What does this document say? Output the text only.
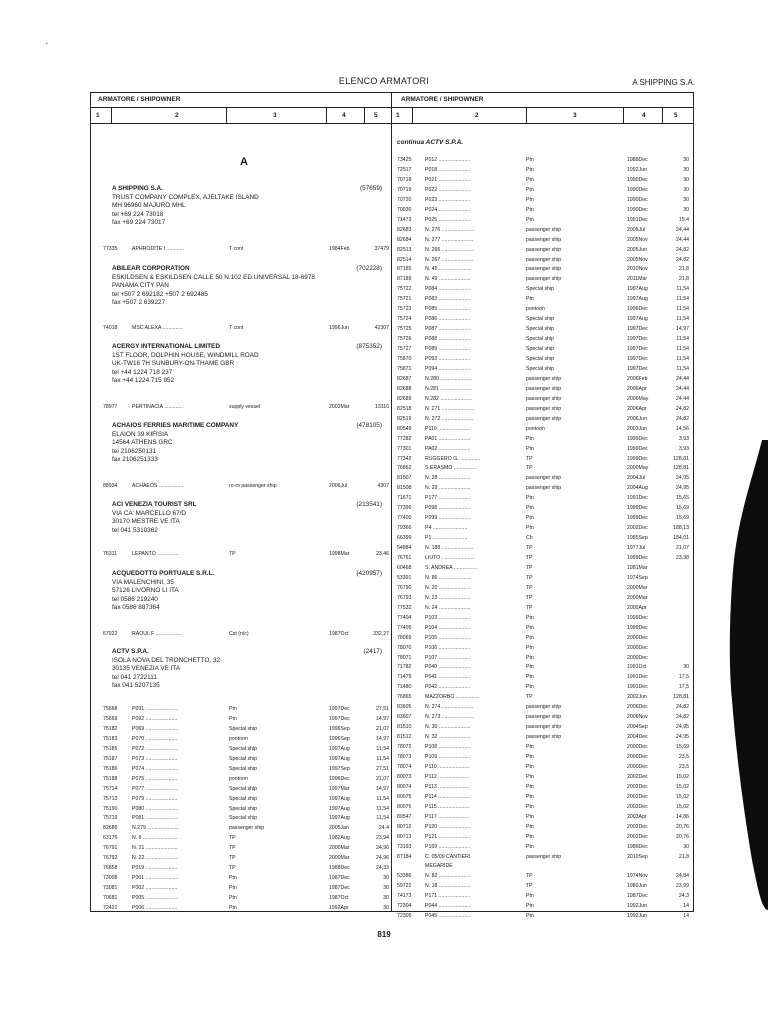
ELENCO ARMATORI	A SHIPPING S.A.
ARMATORE / SHIPOWNER	ARMATORE / SHIPOWNER
1	2	3	4	5	1	2	3	4	5
A
continua ACTV S.P.A.
A SHIPPING S.A.	(57659)
TRUST COMPANY COMPLEX, AJELTAKE ISLAND
MH 96960 MAJURO MHL
tel +69 224 73018
fax +69 224 73017
ABILEAR CORPORATION	(702228)
ESKILDSEN & ESKILDSEN CALLE 50 N.102 ED.UNIVERSAL 18-6978
PANAMA CITY PAN
tel +507 2 692182 +507 2 692485
fax +507 2 639227
ACERGY INTERNATIONAL LIMITED	(875352)
1ST FLOOR, DOLPHIN HOUSE, WINDMILL ROAD
UK-TW16 7H SUNBURY-ON-THAME GBR
tel +44 1224 718 237
fax +44 1224 715 952
ACHAIOS FERRIES MARITIME COMPANY	(478105)
ELAION 39 KIFISIA
14564 ATHENS GRC
tel 2106250131
fax 2106251333
ACI VENEZIA TOURIST SRL	(213541)
VIA CA' MARCELLO 67/D
30170 MESTRE VE ITA
tel 041 5310362
ACQUEDOTTO PORTUALE S.R.L.	(420957)
VIA MALENCHINI, 35
57126 LIVORNO LI ITA
tel 0586 219240
fax 0586 887364
ACTV S.P.A.	(2417)
ISOLA NOVA DEL TRONCHETTO, 32
30135 VENEZIA VE ITA
tel 041 2722111
fax 041 5207135
77335	APHRODITE I ............	T cont	1984Feb	37479
74018	MSC ALEXA ..............	T cont	1996Jun	42307
78977	PERTINACIA .............	supply vessel	2002Mar	13116
88934	ACHAEOS .................	ro-ro passenger ship	2006Jul	4307
76311	LEPANTO ...............	TP	1998Mar	23,46
67922	RAOUL F ..................	Cst (n/c)	1987Oct	332,27
75668	P091 ......................	Ptn	1997Dec	27,51
75669	P092 ......................	Ptn	1997Dec	14,97
75182	P069 ......................	Special ship	1996Sep	21,07
75183	P070 ......................	pontoon	1996Sep	14,97
75185	P072 ......................	Special ship	1997Aug	11,54
75187	P073 ......................	Special ship	1997Aug	11,54
75186	P074 ......................	Special ship	1997Sep	27,51
75188	P075 ......................	pontoon	1996Dec	21,07
75714	P077 ......................	Special ship	1997Mar	14,97
75713	P079 ......................	Special ship	1997Aug	11,54
75190	P080 ......................	Special ship	1997Aug	11,54
75719	P081 ......................	Special ship	1997Aug	11,54
82686	N.279 ......................	passenger ship	2005Jan	24,4
63176	N. 6 ........................	TP	1982Aug	23,94
76791	N. 21 ......................	TP	2000Mar	24,96
76792	N. 22 ......................	TP	2000Mar	24,96
76858	P019 ......................	TP	1988Dec	24,33
73008	P001 ......................	Ptn	1987Dec	30
73081	P002 ......................	Ptn	1987Dec	30
70681	P005 ......................	Ptn	1987Oct	30
72421	P006 ......................	Ptn	1992Apr	30
73425	P012 ......................	Ptn	1988Dec	30
72517	P018 ......................	Ptn	1992Jun	30
70718	P021 ......................	Ptn	1990Dec	30
70719	P022 ......................	Ptn	1990Dec	30
70720	P023 ......................	Ptn	1990Dec	30
70930	P024 ......................	Ptn	1990Dec	30
71473	P025 ......................	Ptn	1991Dec	15,4
82683	N. 276 ......................	passenger ship	2005Jul	24,44
82684	N. 277 ......................	passenger ship	2005Nov	24,44
82513	N. 266 ......................	passenger ship	2005Jun	24,82
82514	N. 267 ......................	passenger ship	2005Nov	24,82
87185	N. 45 ......................	passenger ship	2010Nov	21,8
87189	N. 49 ......................	passenger ship	2011Mar	21,8
75722	P084 ......................	Special ship	1997Aug	11,54
75721	P083 ......................	Ptn	1997Aug	11,54
75723	P085 ......................	pontoon	1996Dec	11,54
75724	P086 ......................	Special ship	1997Aug	11,54
75725	P087 ......................	Special ship	1997Dec	14,97
75726	P088 ......................	Special ship	1997Dec	11,54
75727	P089 ......................	Special ship	1997Dec	11,54
75870	P093 ......................	Special ship	1997Dec	11,54
75871	P094 ......................	Special ship	1997Dec	11,54
82687	N.280 ......................	passenger ship	2006Feb	24,44
82688	N.281 ......................	passenger ship	2006Apr	24,44
82689	N.282 ......................	passenger ship	2006May	24,44
82518	N. 271 ......................	passenger ship	2006Apr	24,82
82519	N. 272 ......................	passenger ship	2006Jun	24,82
80549	P119 ......................	pontoon	2003Jun	14,56
77282	PA01 ......................	Ptn	1999Dec	3,93
77301	PA02 ......................	Ptn	1999Dec	3,93
77342	RUGGERO G. ..............	TP	1999Dec	128,81
76862	S.ERASMO ................	TP	2000May	128,81
81507	N. 28 ......................	passenger ship	2004Jul	24,95
81508	N. 29 ......................	passenger ship	2004Aug	24,95
71671	P177 ......................	Ptn	1991Dec	15,65
77399	P098 ......................	Ptn	1999Dec	15,69
77400	P099 ......................	Ptn	1999Dec	15,69
79366	P4 ........................	Ptn	2002Dec	188,13
66399	P1 ........................	Ch	1985Sep	184,01
54884	N. 188 ......................	TP	1977Jul	21,07
76761	LIUTO ......................	TP	1999Dec	23,38
60468	S. ANDREA ................	TP	1981Mar
53391	N. 86 ......................	TP	1974Sep
76790	N. 20 ......................	TP	2000Mar
76793	N. 23 ......................	TP	2000Mar
77532	N. 24 ......................	TP	2000Apr
77404	P103 ......................	Ptn	1999Dec
77405	P104 ......................	Ptn	1999Dec
78069	P105 ......................	Ptn	2000Dec
78070	P106 ......................	Ptn	2000Dec
78071	P107 ......................	Ptn	2000Dec
71782	P040 ......................	Ptn	1991Oct	30
71479	P041 ......................	Ptn	1991Dec	17,5
71480	P042 ......................	Ptn	1991Dec	17,5
76865	MAZZORBO ................	TP	2002Jun	128,81
83605	N. 274 ......................	passenger ship	2006Dec	24,82
83607	N. 273 ......................	passenger ship	2006Nov	24,82
81510	N. 30 ......................	passenger ship	2004Sep	24,95
81512	N. 32 ......................	passenger ship	2004Dec	24,95
78072	P108 ......................	Ptn	2000Dec	15,69
78073	P109 ......................	Ptn	2000Dec	23,5
78074	P110 ......................	Ptn	2000Dec	23,5
80073	P112 ......................	Ptn	2002Dec	15,02
80074	P113 ......................	Ptn	2002Dec	15,02
80075	P114 ......................	Ptn	2002Dec	15,02
80076	P115 ......................	Ptn	2002Dec	15,02
80547	P117 ......................	Ptn	2003Apr	14,86
80712	P120 ......................	Ptn	2002Dec	20,76
80713	P121 ......................	Ptn	2002Dec	20,76
73193	P169 ......................	Ptn	1986Dec	30
87184	C. 05/09 CANTIERI	passenger ship	2010Sep	21,8
MEGARIDE
53386	N. 82 ......................	TP	1974Nov	24,84
59722	N. 18 ......................	TP	1980Jun	23,99
74173	P171 ......................	Ptn	1987Dec	24,3
72304	P044 ......................	Ptn	1992Jun	14
72305	P045 ......................	Ptn	1992Jun	14
819
˛
